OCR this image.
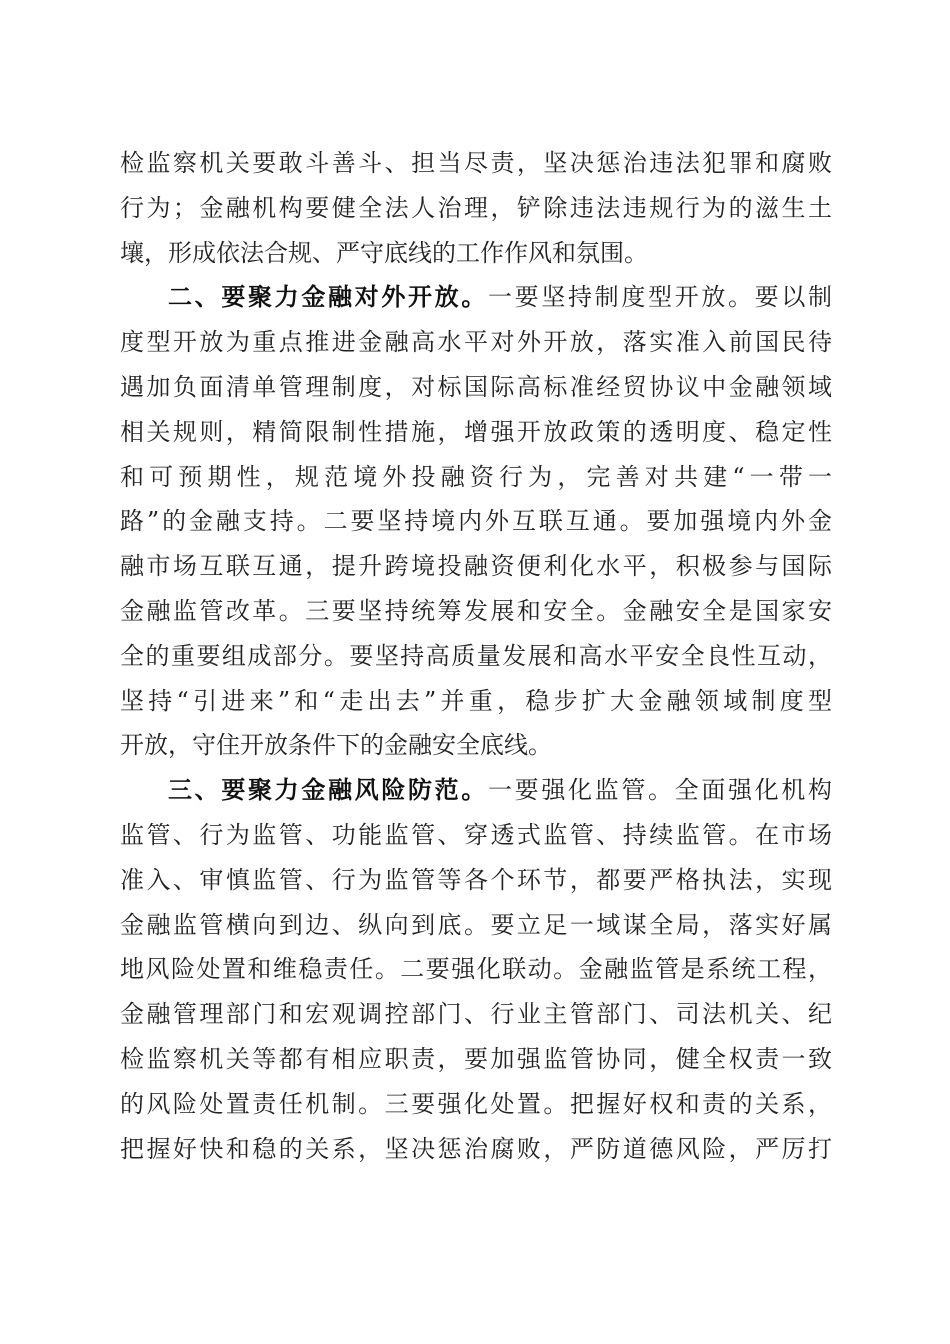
检监察机关要敢斗善斗、担当尽责，坚决惩治违法犯罪和腐败
行为；金融机构要健全法人治理，铲除违法违规行为的滋生土
壤，形成依法合规、严守底线的工作作风和氛围。
二、要聚力金融对外开放。一要坚持制度型开放。要以制
度型开放为重点推进金融高水平对外开放，落实准入前国民待
遇加负面清单管理制度，对标国际高标准经贸协议中金融领域
相关规则，精简限制性措施，增强开放政策的透明度、稳定性
和可预期性，规范境外投融资行为，完善对共建“一带一
路”的金融支持。二要坚持境内外互联互通。要加强境内外金
融市场互联互通，提升跨境投融资便利化水平，积极参与国际
金融监管改革。三要坚持统筹发展和安全。金融安全是国家安
全的重要组成部分。要坚持高质量发展和高水平安全良性互动，
坚持“引进来”和“走出去”并重，稳步扩大金融领域制度型
开放，守住开放条件下的金融安全底线。
三、要聚力金融风险防范。一要强化监管。全面强化机构
监管、行为监管、功能监管、穿透式监管、持续监管。在市场
准入、审慎监管、行为监管等各个环节，都要严格执法，实现
金融监管横向到边、纵向到底。要立足一域谋全局，落实好属
地风险处置和维稳责任。二要强化联动。金融监管是系统工程，
金融管理部门和宏观调控部门、行业主管部门、司法机关、纪
检监察机关等都有相应职责，要加强监管协同，健全权责一致
的风险处置责任机制。三要强化处置。把握好权和责的关系，
把握好快和稳的关系，坚决惩治腐败，严防道德风险，严厉打
